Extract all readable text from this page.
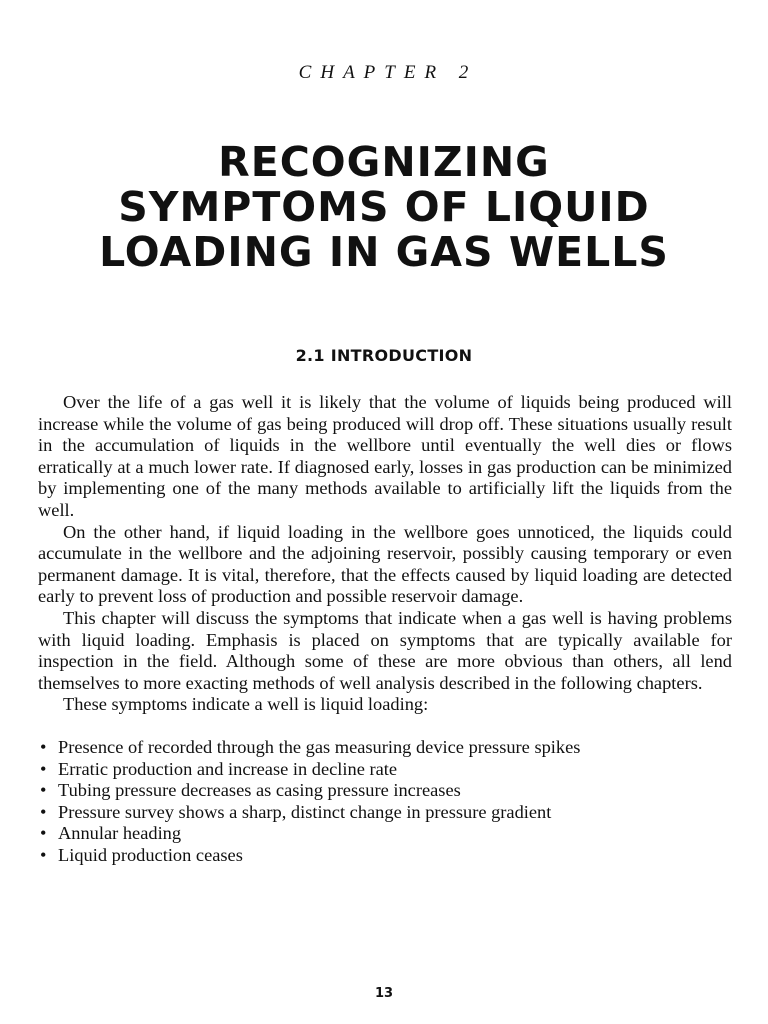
CHAPTER 2
RECOGNIZING
SYMPTOMS OF LIQUID
LOADING IN GAS WELLS
2.1 INTRODUCTION

Over the life of a gas well it is likely that the volume of liquids being produced will increase while the volume of gas being produced will drop off. These situations usually result in the accumulation of liquids in the wellbore until eventually the well dies or flows erratically at a much lower rate. If diagnosed early, losses in gas production can be minimized by implementing one of the many methods available to artificially lift the liquids from the well.

On the other hand, if liquid loading in the wellbore goes unnoticed, the liquids could accumulate in the wellbore and the adjoining reservoir, possibly causing temporary or even permanent damage. It is vital, therefore, that the effects caused by liquid loading are detected early to prevent loss of production and possible reservoir damage.

This chapter will discuss the symptoms that indicate when a gas well is having problems with liquid loading. Emphasis is placed on symptoms that are typically available for inspection in the field. Although some of these are more obvious than others, all lend themselves to more exacting methods of well analysis described in the following chapters.

These symptoms indicate a well is liquid loading:

• Presence of recorded through the gas measuring device pressure spikes
• Erratic production and increase in decline rate
• Tubing pressure decreases as casing pressure increases
• Pressure survey shows a sharp, distinct change in pressure gradient
• Annular heading
• Liquid production ceases
13
